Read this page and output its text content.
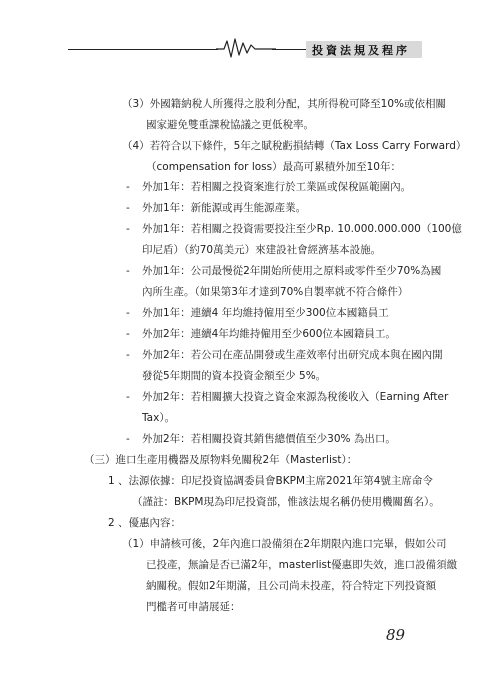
投資法規及程序
（3）外國籍納稅人所獲得之股利分配，其所得稅可降至10%或依相關
國家避免雙重課稅協議之更低稅率。
（4）若符合以下條件，5年之賦稅虧損結轉（Tax Loss Carry Forward）
（compensation for loss）最高可累積外加至10年：
- 外加1年：若相關之投資案進行於工業區或保稅區範圍內。
- 外加1年：新能源或再生能源產業。
- 外加1年：若相關之投資需要投注至少Rp. 10.000.000.000（100億
印尼盾）（約70萬美元）來建設社會經濟基本設施。
- 外加1年：公司最慢從2年開始所使用之原料或零件至少70%為國
內所生產。（如果第3年才達到70%自製率就不符合條件）
- 外加1年：連續4 年均維持僱用至少300位本國籍員工
- 外加2年：連續4年均維持僱用至少600位本國籍員工。
- 外加2年：若公司在產品開發或生產效率付出研究成本與在國內開
發從5年期間的資本投資金額至少 5%。
- 外加2年：若相關擴大投資之資金來源為稅後收入（Earning After
Tax）。
- 外加2年：若相關投資其銷售總價值至少30% 為出口。
（三）進口生產用機器及原物料免關稅2年（Masterlist）：
1 、法源依據：印尼投資協調委員會BKPM主席2021年第4號主席命令
（謹註：BKPM現為印尼投資部，惟該法規名稱仍使用機關舊名）。
2 、優惠內容：
（1）申請核可後，2年內進口設備須在2年期限內進口完畢，假如公司
已投產，無論是否已滿2年，masterlist優惠即失效，進口設備須繳
納關稅。假如2年期滿，且公司尚未投產，符合特定下列投資額
門檻者可申請展延：
89
